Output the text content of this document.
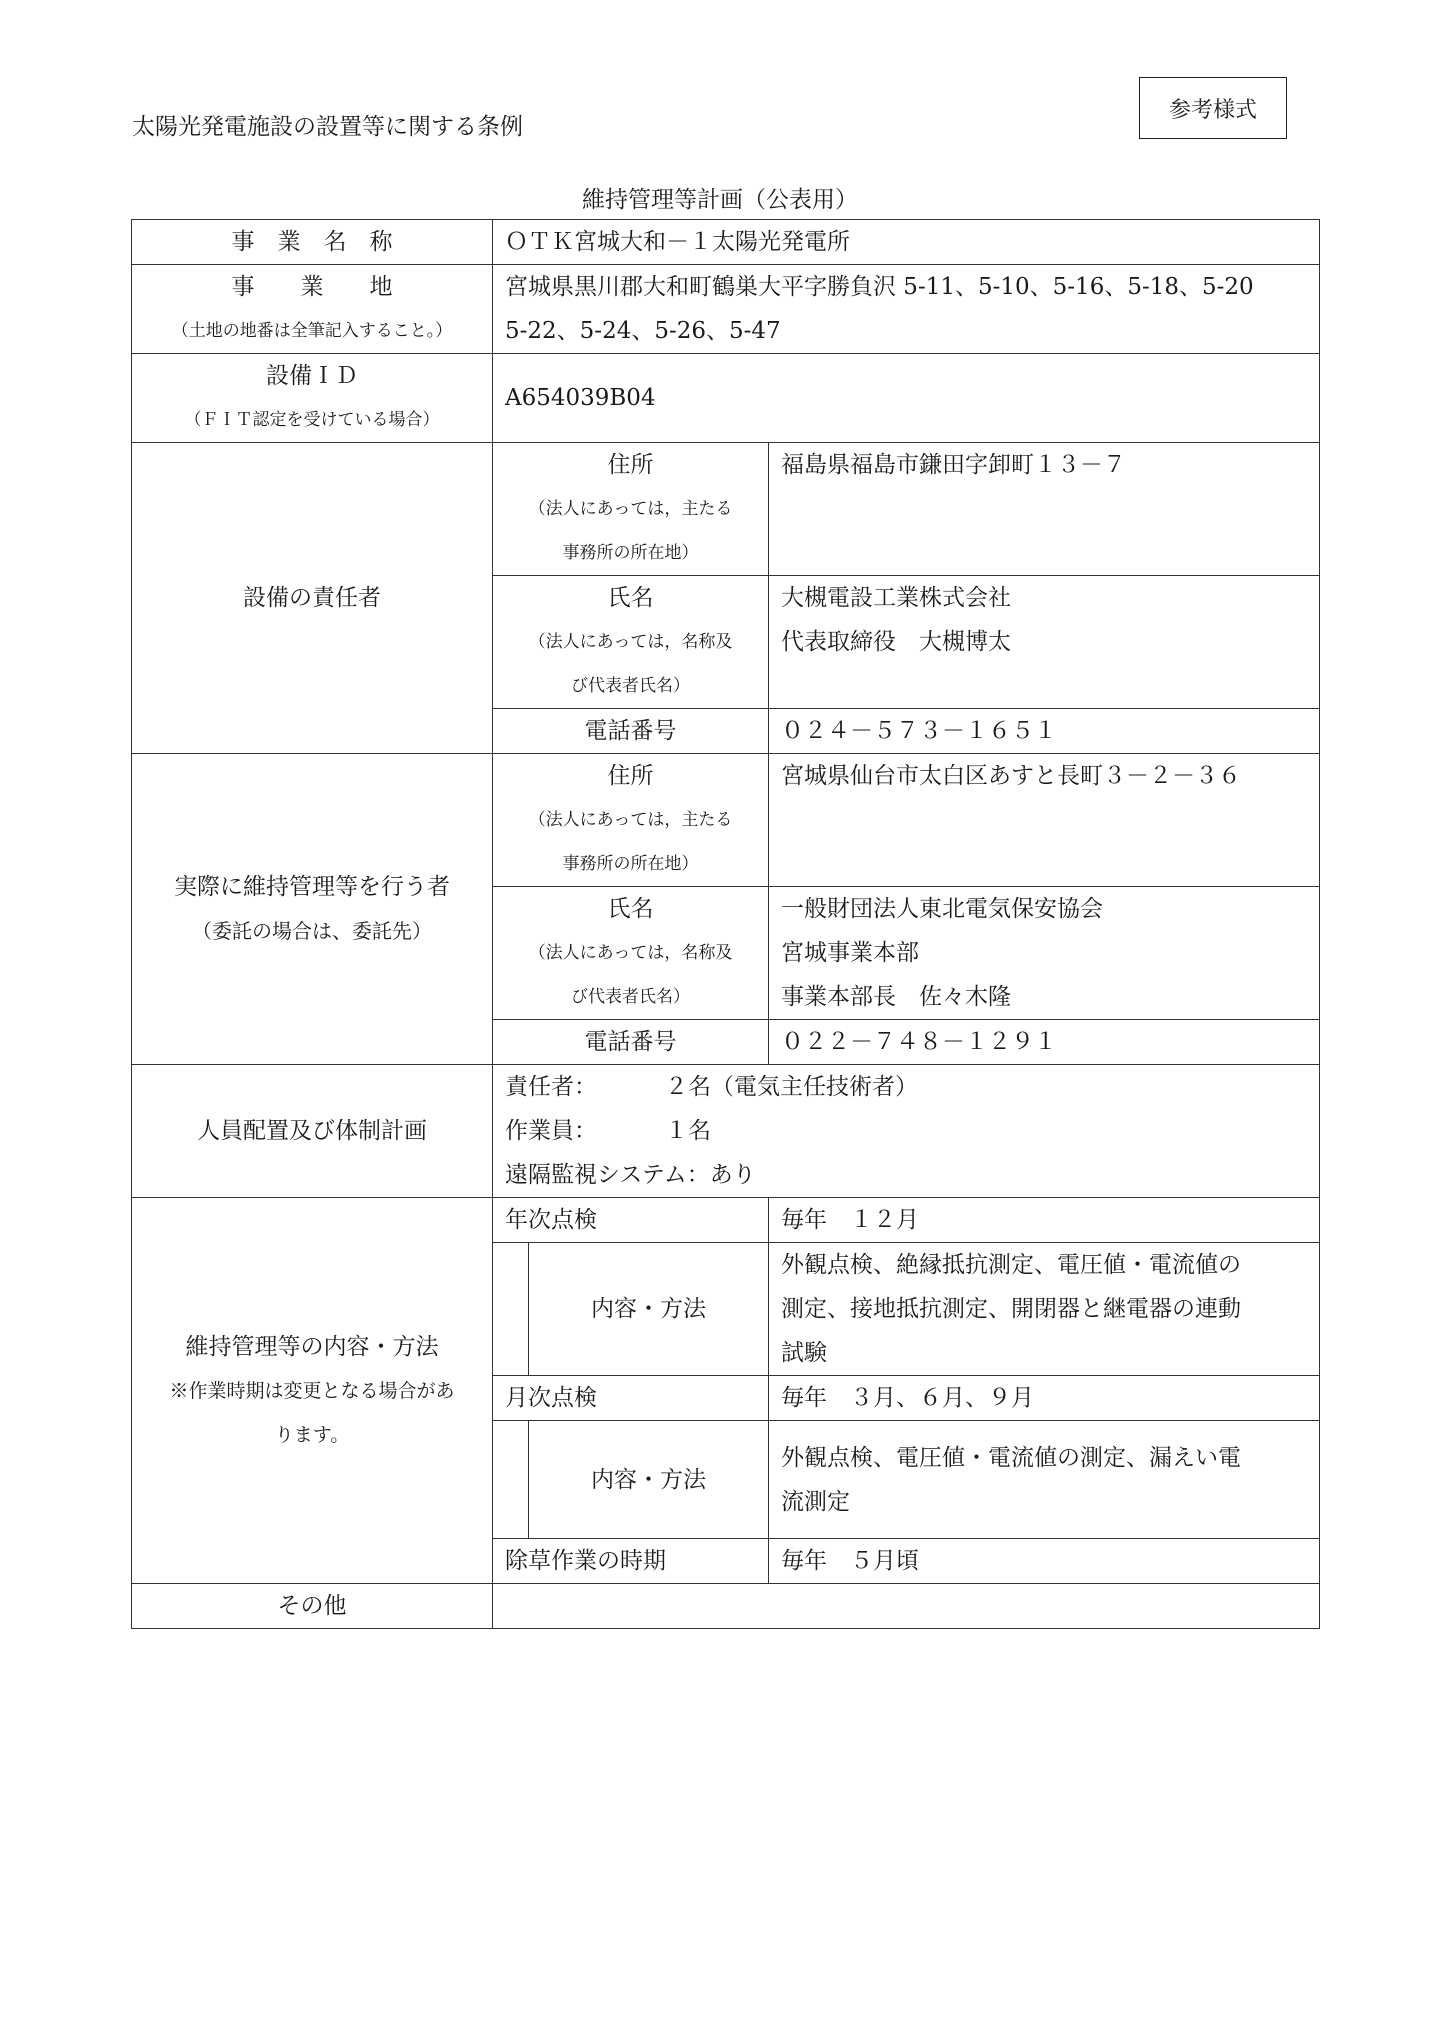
太陽光発電施設の設置等に関する条例
参考様式
維持管理等計画（公表用）
事　業　名　称	ＯＴＫ宮城大和－１太陽光発電所		

事　　業　　地
（土地の地番は全筆記入すること。）	宮城県黒川郡大和町鶴巣大平字勝負沢 5-11、5-10、5-16、5-18、5-20
5-22、5-24、5-26、5-47		

設備ＩＤ
（ＦＩＴ認定を受けている場合）	A654039B04		
設備の責任者	住所
（法人にあっては，主たる
事務所の所在地）		福島県福島市鎌田字卸町１３－７

	氏名
（法人にあっては，名称及
び代表者氏名）		大槻電設工業株式会社
代表取締役　大槻博太

	電話番号		０２４－５７３－１６５１

実際に維持管理等を行う者
（委託の場合は、委託先）	住所
（法人にあっては，主たる
事務所の所在地）		宮城県仙台市太白区あすと長町３－２－３６

	氏名
（法人にあっては，名称及
び代表者氏名）		一般財団法人東北電気保安協会
宮城事業本部
事業本部長　佐々木隆

	電話番号		０２２－７４８－１２９１
人員配置及び体制計画	責任者： ２名（電気主任技術者）
作業員： １名
遠隔監視システム：あり		

維持管理等の内容・方法
※作業時期は変更となる場合があ
ります。	年次点検		毎年　１２月
		内容・方法	外観点検、絶縁抵抗測定、電圧値・電流値の
測定、接地抵抗測定、開閉器と継電器の連動
試験

	月次点検		毎年　３月、６月、９月
		内容・方法	外観点検、電圧値・電流値の測定、漏えい電
流測定

	除草作業の時期		毎年　５月頃
その他			
